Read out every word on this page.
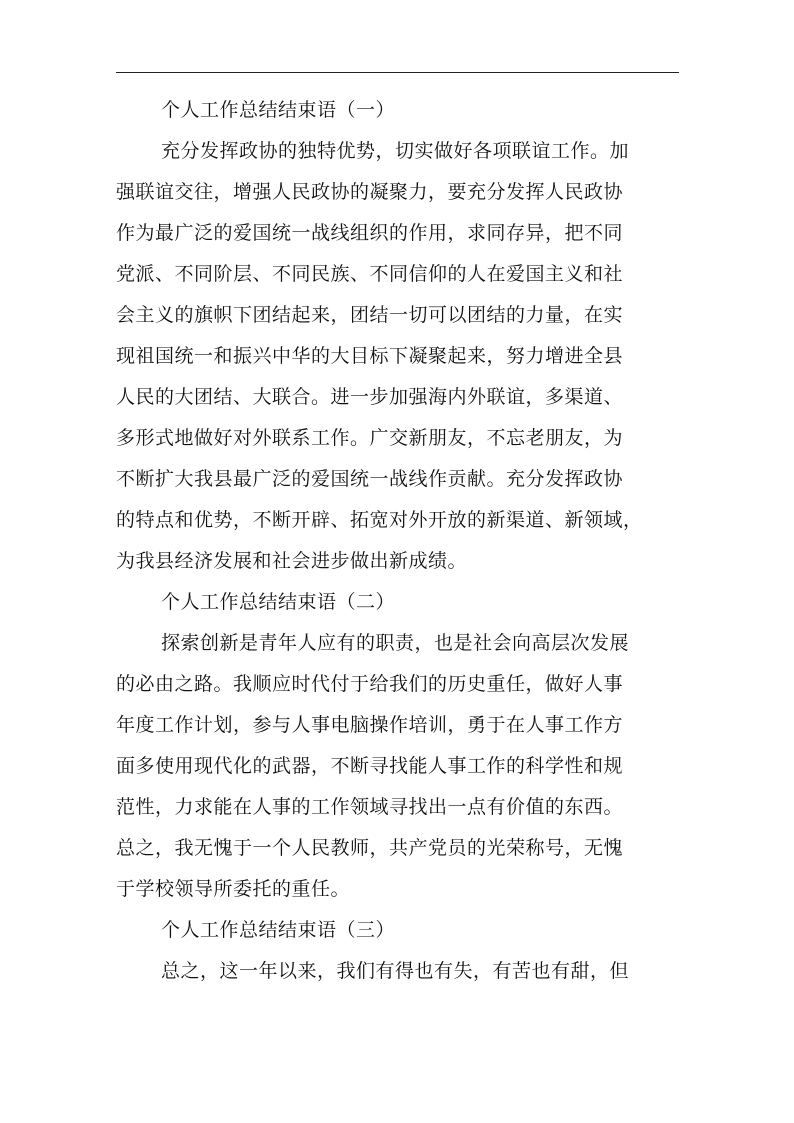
个人工作总结结束语（一）
充分发挥政协的独特优势，切实做好各项联谊工作。加
强联谊交往，增强人民政协的凝聚力，要充分发挥人民政协
作为最广泛的爱国统一战线组织的作用，求同存异，把不同
党派、不同阶层、不同民族、不同信仰的人在爱国主义和社
会主义的旗帜下团结起来，团结一切可以团结的力量，在实
现祖国统一和振兴中华的大目标下凝聚起来，努力增进全县
人民的大团结、大联合。进一步加强海内外联谊，多渠道、
多形式地做好对外联系工作。广交新朋友，不忘老朋友，为
不断扩大我县最广泛的爱国统一战线作贡献。充分发挥政协
的特点和优势，不断开辟、拓宽对外开放的新渠道、新领域，
为我县经济发展和社会进步做出新成绩。
个人工作总结结束语（二）
探索创新是青年人应有的职责，也是社会向高层次发展
的必由之路。我顺应时代付于给我们的历史重任，做好人事
年度工作计划，参与人事电脑操作培训，勇于在人事工作方
面多使用现代化的武器，不断寻找能人事工作的科学性和规
范性，力求能在人事的工作领域寻找出一点有价值的东西。
总之，我无愧于一个人民教师，共产党员的光荣称号，无愧
于学校领导所委托的重任。
个人工作总结结束语（三）
总之，这一年以来，我们有得也有失，有苦也有甜，但
